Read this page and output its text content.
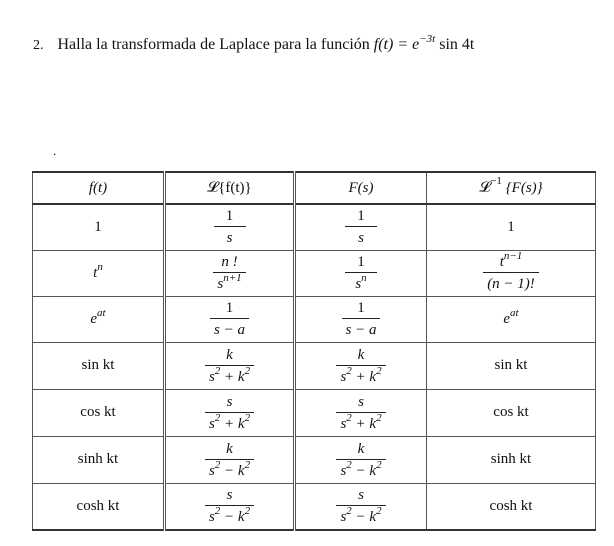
2. Halla la transformada de Laplace para la función $f(t) = e^{-3t}$ sin 4t
.
f(t)	𝓛{f(t)}	F(s)	𝓛$^{-1}$ {F(s)}
1	$\frac{1}{s}$	$\frac{1}{s}$	1
$t^n$	$\frac{n !}{s^{n+1}}$	$\frac{1}{s^n}$	$\frac{t^{n-1}}{(n - 1)!}$

$e^{at}$	$\frac{1}{s - a}$	$\frac{1}{s - a}$	$e^{at}$
sin kt	$\frac{k}{s^2 + k^2}$	$\frac{k}{s^2 + k^2}$	sin kt
cos kt	$\frac{s}{s^2 + k^2}$	$\frac{s}{s^2 + k^2}$	cos kt
sinh kt	$\frac{k}{s^2 - k^2}$	$\frac{k}{s^2 - k^2}$	sinh kt
cosh kt	$\frac{s}{s^2 - k^2}$	$\frac{s}{s^2 - k^2}$	cosh kt
